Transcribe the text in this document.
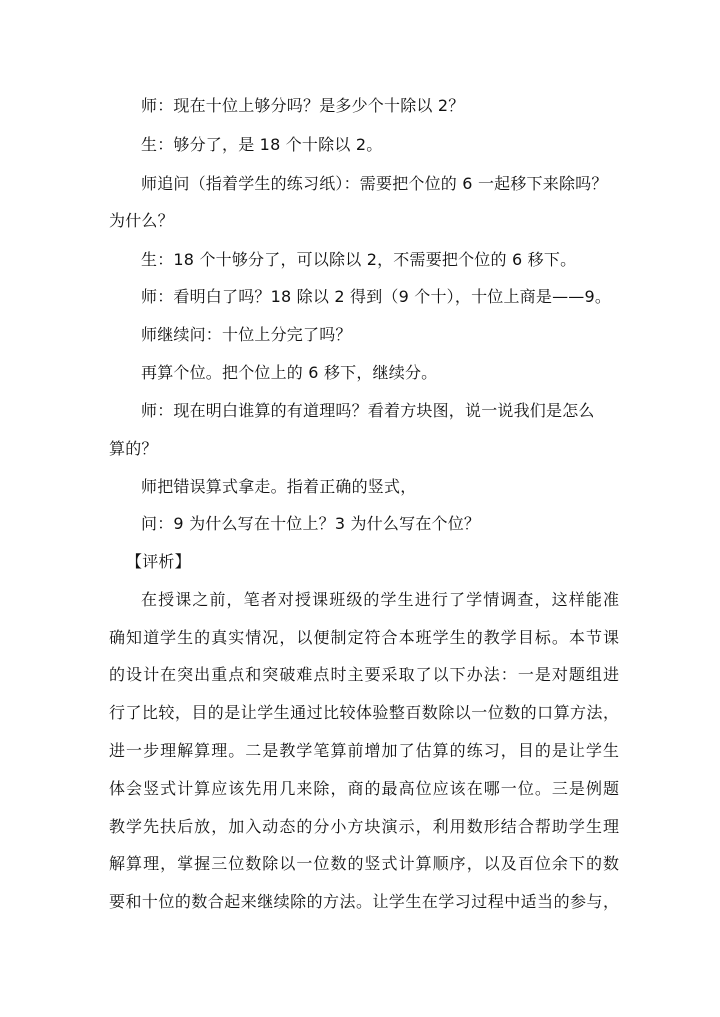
师：现在十位上够分吗？是多少个十除以 2？
生：够分了，是 18 个十除以 2。
师追问（指着学生的练习纸）：需要把个位的 6 一起移下来除吗？
为什么？
生：18 个十够分了，可以除以 2，不需要把个位的 6 移下。
师：看明白了吗？18 除以 2 得到（9 个十），十位上商是——9。
师继续问：十位上分完了吗？
再算个位。把个位上的 6 移下，继续分。
师：现在明白谁算的有道理吗？看着方块图，说一说我们是怎么
算的？
师把错误算式拿走。指着正确的竖式，
问：9 为什么写在十位上？3 为什么写在个位？
【评析】
在授课之前，笔者对授课班级的学生进行了学情调查，这样能准
确知道学生的真实情况，以便制定符合本班学生的教学目标。本节课
的设计在突出重点和突破难点时主要采取了以下办法：一是对题组进
行了比较，目的是让学生通过比较体验整百数除以一位数的口算方法，
进一步理解算理。二是教学笔算前增加了估算的练习，目的是让学生
体会竖式计算应该先用几来除，商的最高位应该在哪一位。三是例题
教学先扶后放，加入动态的分小方块演示，利用数形结合帮助学生理
解算理，掌握三位数除以一位数的竖式计算顺序，以及百位余下的数
要和十位的数合起来继续除的方法。让学生在学习过程中适当的参与，
